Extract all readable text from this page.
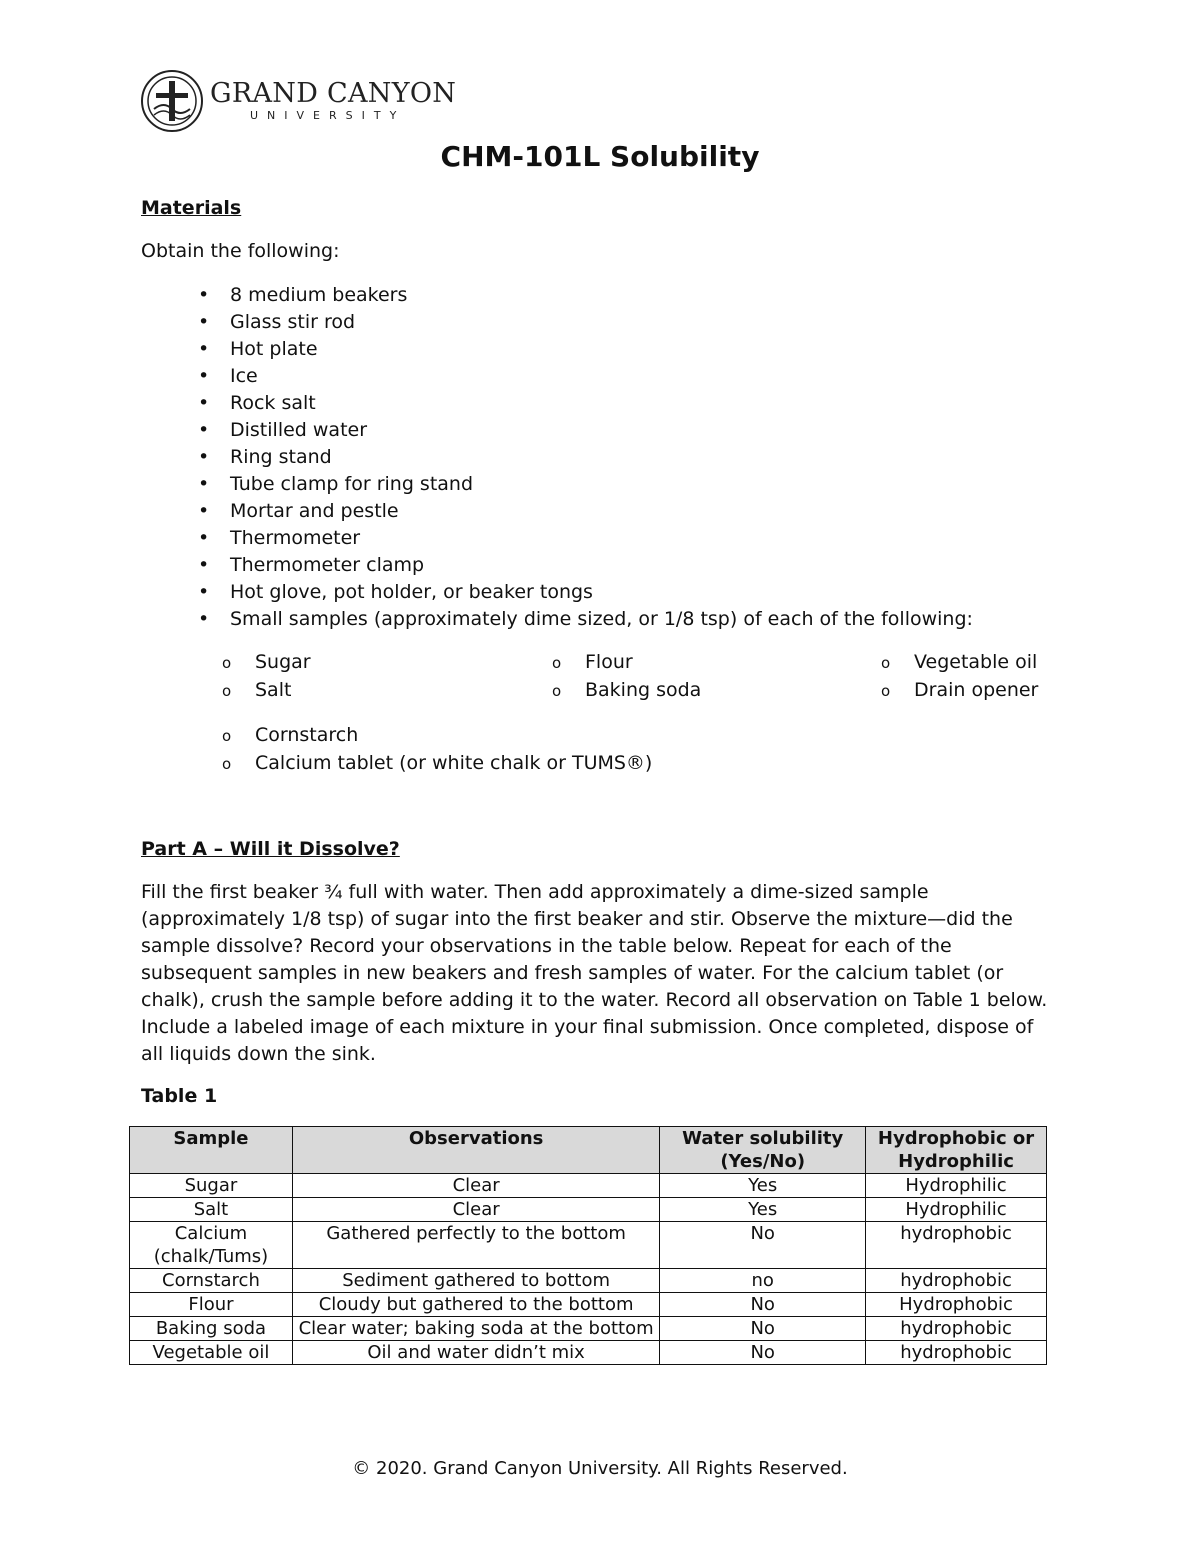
GRAND CANYON
UNIVERSITY
CHM-101L Solubility
Materials
Obtain the following:
• 8 medium beakers
• Glass stir rod
• Hot plate
• Ice
• Rock salt
• Distilled water
• Ring stand
• Tube clamp for ring stand
• Mortar and pestle
• Thermometer
• Thermometer clamp
• Hot glove, pot holder, or beaker tongs
• Small samples (approximately dime sized, or 1/8 tsp) of each of the following:
o Sugar
o Salt
o Flour
o Baking soda
o Vegetable oil
o Drain opener
o Cornstarch
o Calcium tablet (or white chalk or TUMS®)
Part A – Will it Dissolve?
Fill the first beaker ¾ full with water. Then add approximately a dime-sized sample (approximately 1/8 tsp) of sugar into the first beaker and stir. Observe the mixture—did the sample dissolve? Record your observations in the table below. Repeat for each of the subsequent samples in new beakers and fresh samples of water. For the calcium tablet (or chalk), crush the sample before adding it to the water. Record all observation on Table 1 below. Include a labeled image of each mixture in your final submission. Once completed, dispose of all liquids down the sink.
Table 1
Sample	Observations	Water solubility (Yes/No)	Hydrophobic or Hydrophilic
Sugar	Clear	Yes	Hydrophilic
Salt	Clear	Yes	Hydrophilic
Calcium (chalk/Tums)	Gathered perfectly to the bottom	No	hydrophobic
Cornstarch	Sediment gathered to bottom	no	hydrophobic
Flour	Cloudy but gathered to the bottom	No	Hydrophobic
Baking soda	Clear water; baking soda at the bottom	No	hydrophobic
Vegetable oil	Oil and water didn’t mix	No	hydrophobic
© 2020. Grand Canyon University. All Rights Reserved.
